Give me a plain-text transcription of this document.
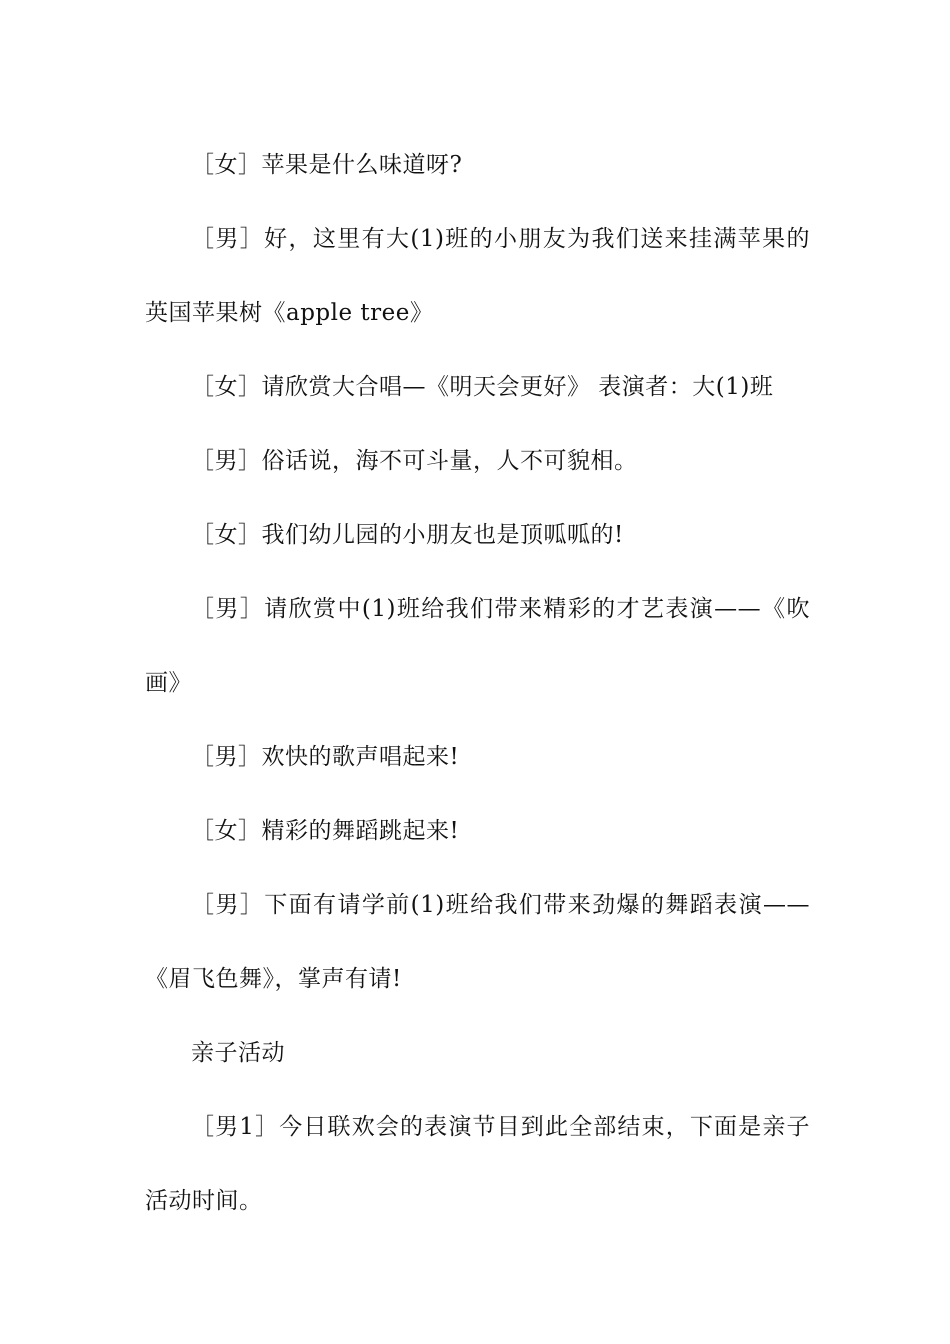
［女］苹果是什么味道呀?

［男］好，这里有大(1)班的小朋友为我们送来挂满苹果的英国苹果树《apple tree》

［女］请欣赏大合唱—《明天会更好》 表演者：大(1)班

［男］俗话说，海不可斗量，人不可貌相。

［女］我们幼儿园的小朋友也是顶呱呱的!

［男］请欣赏中(1)班给我们带来精彩的才艺表演——《吹画》

［男］欢快的歌声唱起来!

［女］精彩的舞蹈跳起来!

［男］下面有请学前(1)班给我们带来劲爆的舞蹈表演——《眉飞色舞》，掌声有请!

亲子活动

［男1］今日联欢会的表演节目到此全部结束，下面是亲子活动时间。
